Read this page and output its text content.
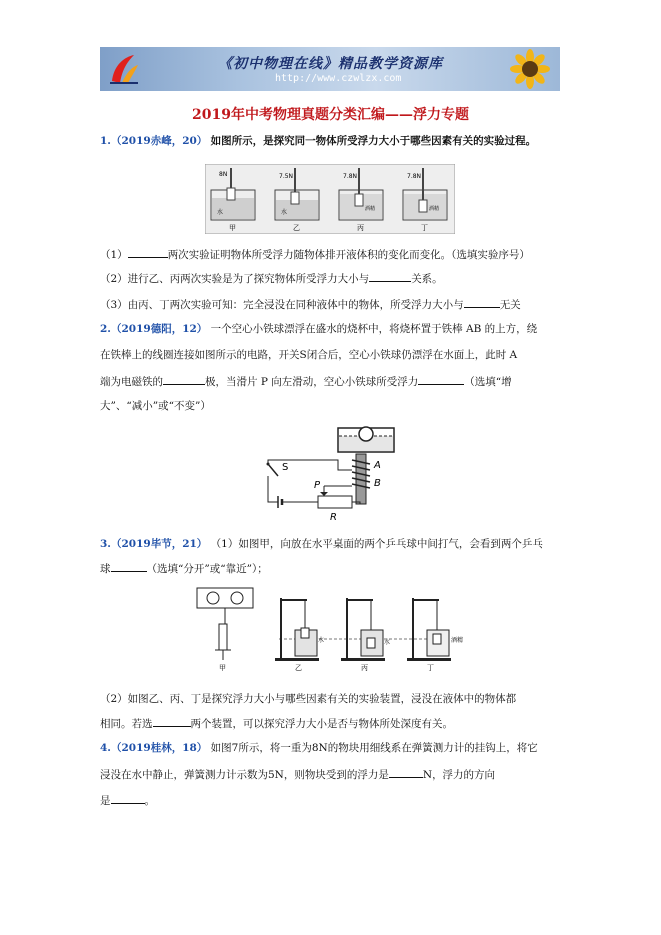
《初中物理在线》精品教学资源库
http://www.czwlzx.com
2019年中考物理真题分类汇编——浮力专题
1.（2019赤峰，20） 如图所示，是探究同一物体所受浮力大小于哪些因素有关的实验过程。
8N
水
甲
7.5N
水
乙
7.8N
酒精
丙
7.8N
酒精
丁
（1）	两次实验证明物体所受浮力随物体排开液体积的变化而变化。（选填实验序号）
（2）进行乙、丙两次实验是为了探究物体所受浮力大小与	关系。
（3）由丙、丁两次实验可知：完全浸没在同种液体中的物体，所受浮力大小与	无关
2.（2019德阳，12） 一个空心小铁球漂浮在盛水的烧杯中，将烧杯置于铁棒 AB 的上方，绕
在铁棒上的线圈连接如图所示的电路，开关S闭合后，空心小铁球仍漂浮在水面上，此时 A
端为电磁铁的	极，当滑片 P 向左滑动，空心小铁球所受浮力	（选填“增
大”、“减小”或“不变”）
A
B
S
P
R
3.（2019毕节，21） （1）如图甲，向放在水平桌面的两个乒乓球中间打气，会看到两个乒乓
球	（选填“分开”或“靠近”）；
甲
水
乙
水
丙
酒精
丁
（2）如图乙、丙、丁是探究浮力大小与哪些因素有关的实验装置，浸没在液体中的物体都
相同。若选	两个装置，可以探究浮力大小是否与物体所处深度有关。
4.（2019桂林，18） 如图7所示，将一重为8N的物块用细线系在弹簧测力计的挂钩上，将它
浸没在水中静止，弹簧测力计示数为5N，则物块受到的浮力是	N，浮力的方向
是	。
